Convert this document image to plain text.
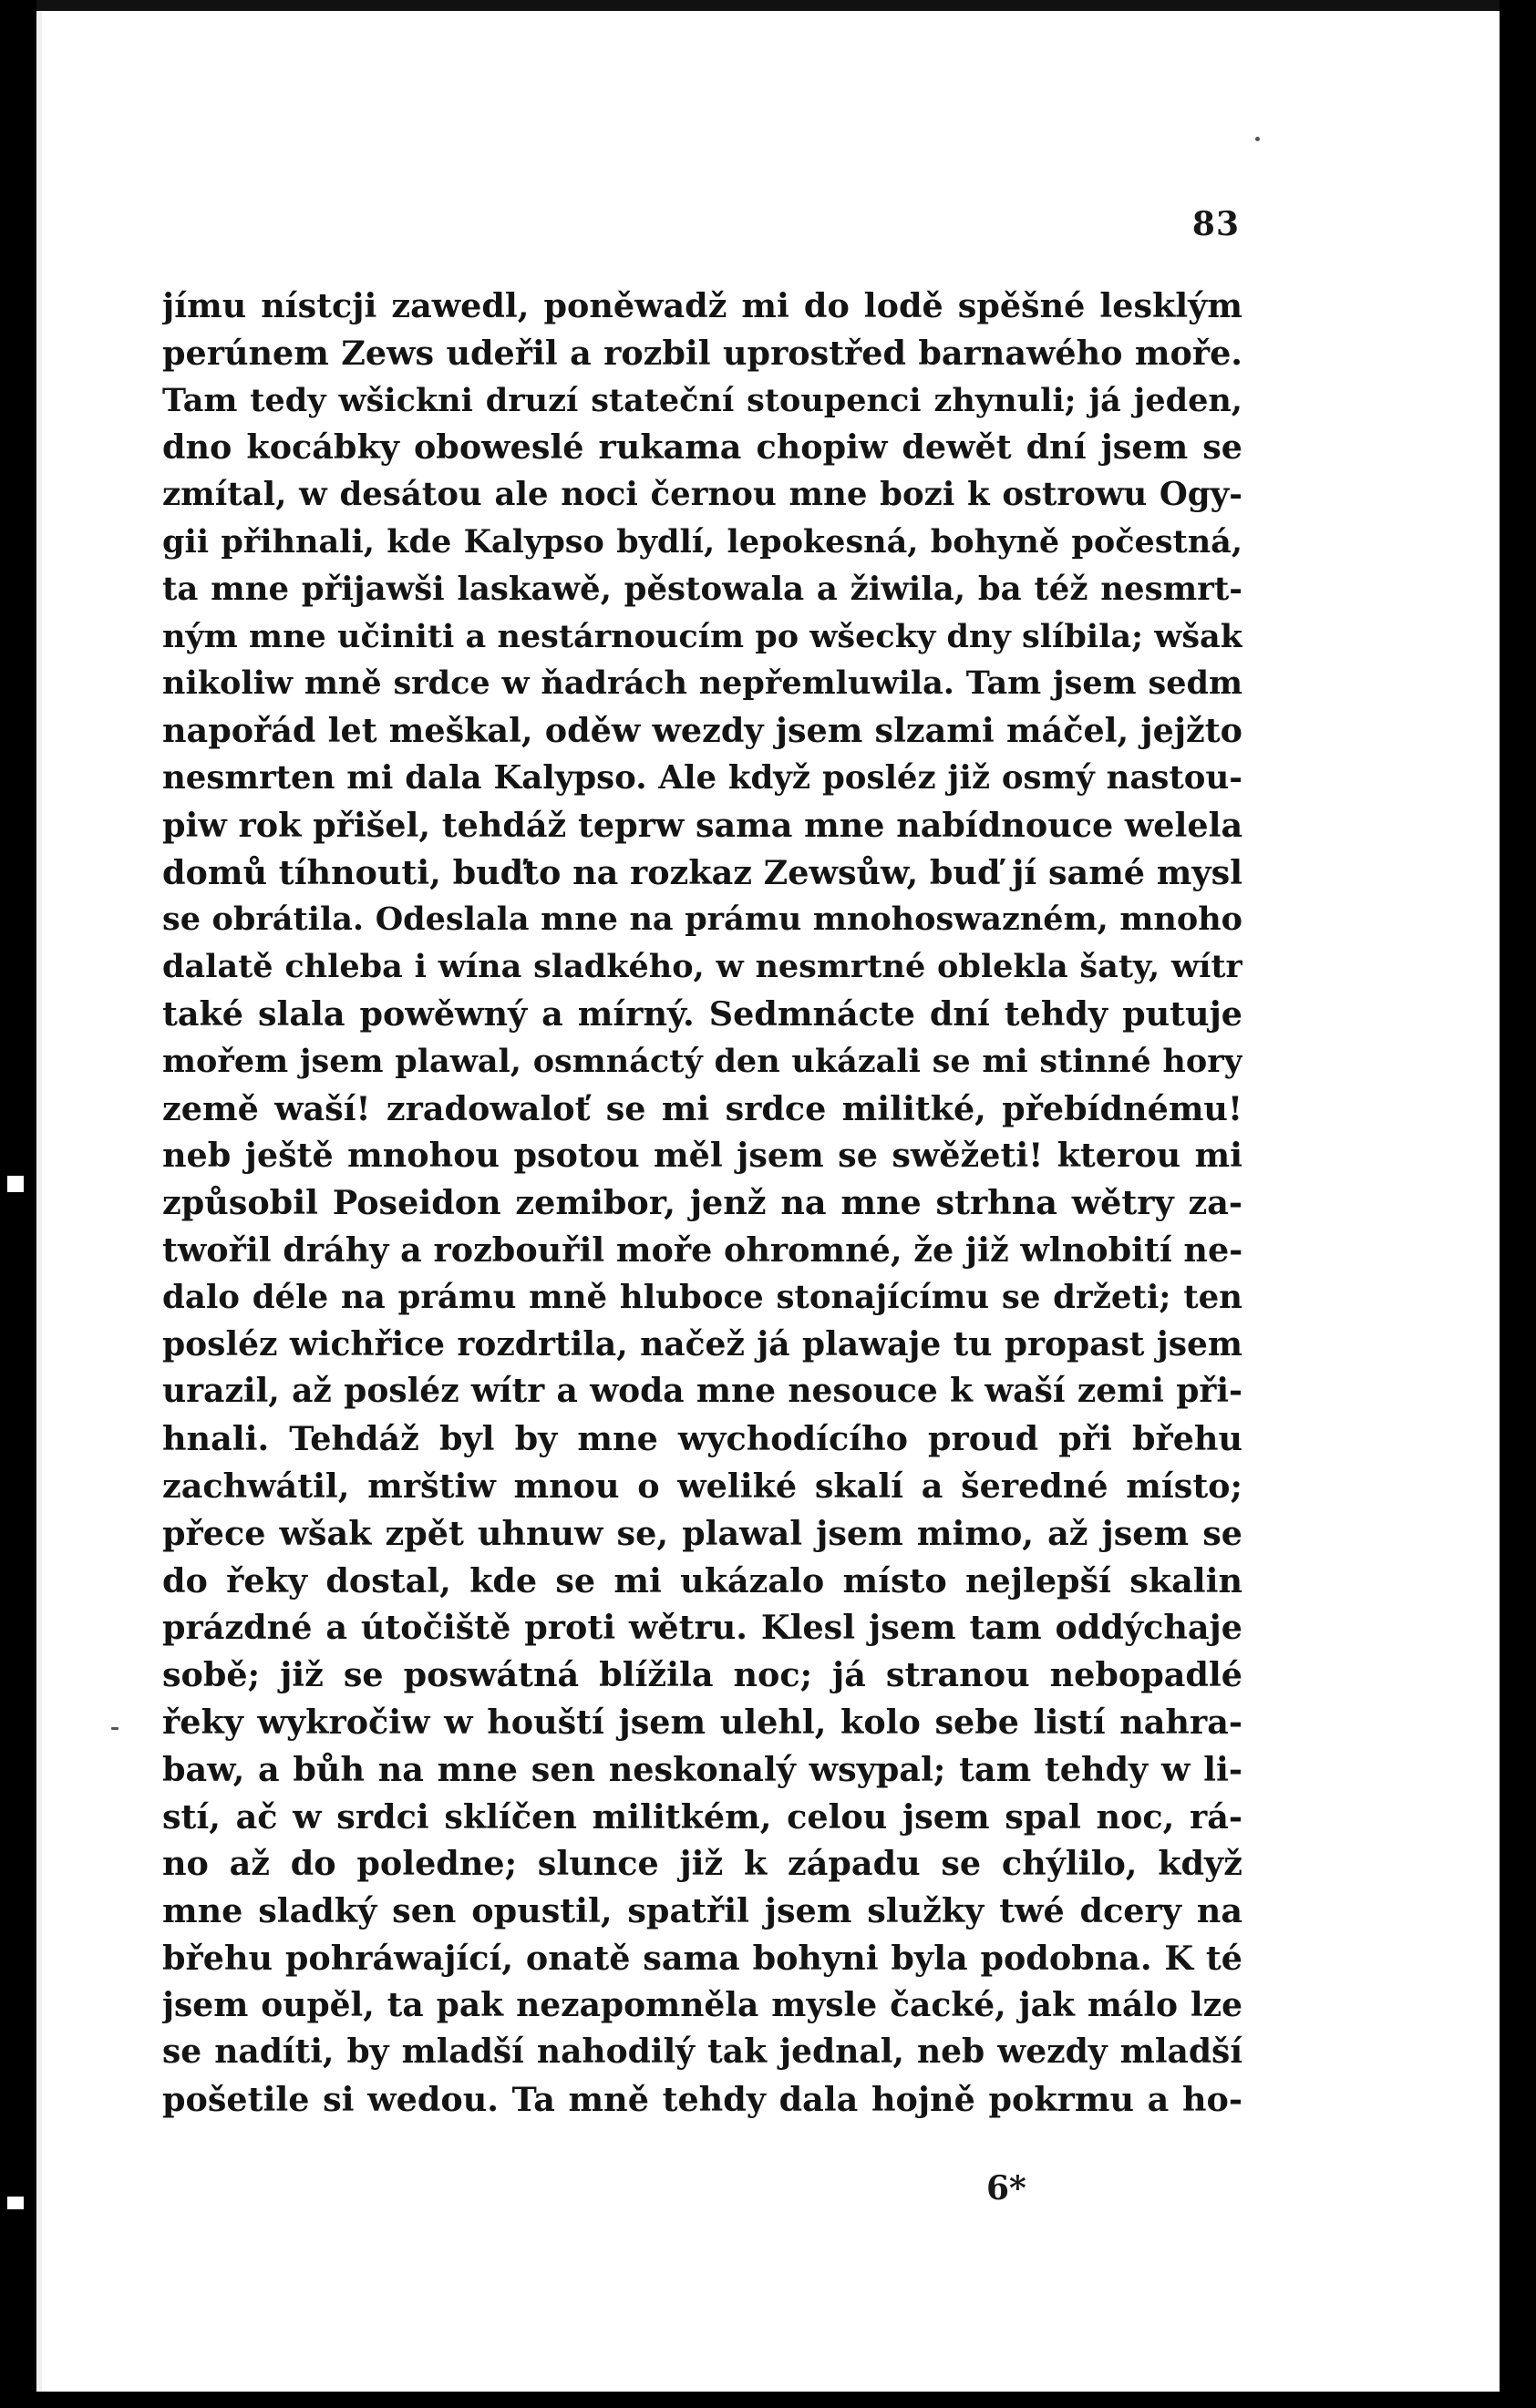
83
jímu nístcji zawedl, poněwadž mi do lodě spěšné lesklým
perúnem Zews udeřil a rozbil uprostřed barnawého moře.
Tam tedy wšickni druzí stateční stoupenci zhynuli; já jeden,
dno kocábky oboweslé rukama chopiw dewět dní jsem se
zmítal, w desátou ale noci černou mne bozi k ostrowu Ogy-
gii přihnali, kde Kalypso bydlí, lepokesná, bohyně počestná,
ta mne přijawši laskawě, pěstowala a žiwila, ba též nesmrt-
ným mne učiniti a nestárnoucím po wšecky dny slíbila; wšak
nikoliw mně srdce w ňadrách nepřemluwila. Tam jsem sedm
napořád let meškal, oděw wezdy jsem slzami máčel, jejžto
nesmrten mi dala Kalypso. Ale když posléz již osmý nastou-
piw rok přišel, tehdáž teprw sama mne nabídnouce welela
domů tíhnouti, buďto na rozkaz Zewsůw, buď jí samé mysl
se obrátila. Odeslala mne na prámu mnohoswazném, mnoho
dalatě chleba i wína sladkého, w nesmrtné oblekla šaty, wítr
také slala powěwný a mírný. Sedmnácte dní tehdy putuje
mořem jsem plawal, osmnáctý den ukázali se mi stinné hory
země waší! zradowaloť se mi srdce militké, přebídnému!
neb ještě mnohou psotou měl jsem se swěžeti! kterou mi
způsobil Poseidon zemibor, jenž na mne strhna wětry za-
twořil dráhy a rozbouřil moře ohromné, že již wlnobití ne-
dalo déle na prámu mně hluboce stonajícímu se držeti; ten
posléz wichřice rozdrtila, načež já plawaje tu propast jsem
urazil, až posléz wítr a woda mne nesouce k waší zemi při-
hnali. Tehdáž byl by mne wychodícího proud při břehu
zachwátil, mrštiw mnou o weliké skalí a šeredné místo;
přece wšak zpět uhnuw se, plawal jsem mimo, až jsem se
do řeky dostal, kde se mi ukázalo místo nejlepší skalin
prázdné a útočiště proti wětru. Klesl jsem tam oddýchaje
sobě; již se poswátná blížila noc; já stranou nebopadlé
řeky wykročiw w houští jsem ulehl, kolo sebe listí nahra-
baw, a bůh na mne sen neskonalý wsypal; tam tehdy w li-
stí, ač w srdci sklíčen militkém, celou jsem spal noc, rá-
no až do poledne; slunce již k západu se chýlilo, když
mne sladký sen opustil, spatřil jsem služky twé dcery na
břehu pohráwající, onatě sama bohyni byla podobna. K té
jsem oupěl, ta pak nezapomněla mysle čacké, jak málo lze
se nadíti, by mladší nahodilý tak jednal, neb wezdy mladší
pošetile si wedou. Ta mně tehdy dala hojně pokrmu a ho-
6*
